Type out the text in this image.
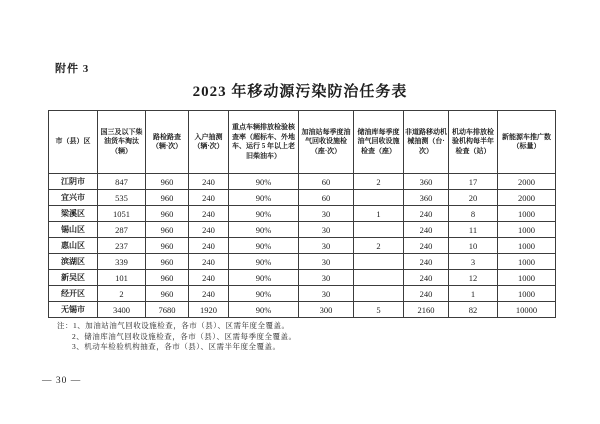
附件 3
2023 年移动源污染防治任务表
市（县）区	国三及以下柴油货车淘汰（辆）	路检路查（辆·次）	入户抽测（辆·次）	重点车辆排放检验核查率（超标车、外地车、运行 5 年以上老旧柴油车）	加油站每季度油气回收设施检（座·次）	储油库每季度油气回收设施检查（座）	非道路移动机械抽测（台·次）	机动车排放检验机构每半年检查（站）	新能源车推广数（标量）
江阴市	847	960	240	90%	60	2	360	17	2000
宜兴市	535	960	240	90%	60		360	20	2000
梁溪区	1051	960	240	90%	30	1	240	8	1000
锡山区	287	960	240	90%	30		240	11	1000
惠山区	237	960	240	90%	30	2	240	10	1000
滨湖区	339	960	240	90%	30		240	3	1000
新吴区	101	960	240	90%	30		240	12	1000
经开区	2	960	240	90%	30		240	1	1000
无锡市	3400	7680	1920	90%	300	5	2160	82	10000
注：1、加油站油气回收设施检查，各市（县）、区需年度全覆盖。
2、储油库油气回收设施检查，各市（县）、区需每季度全覆盖。
3、机动车检验机构抽查，各市（县）、区需半年度全覆盖。
— 30 —
